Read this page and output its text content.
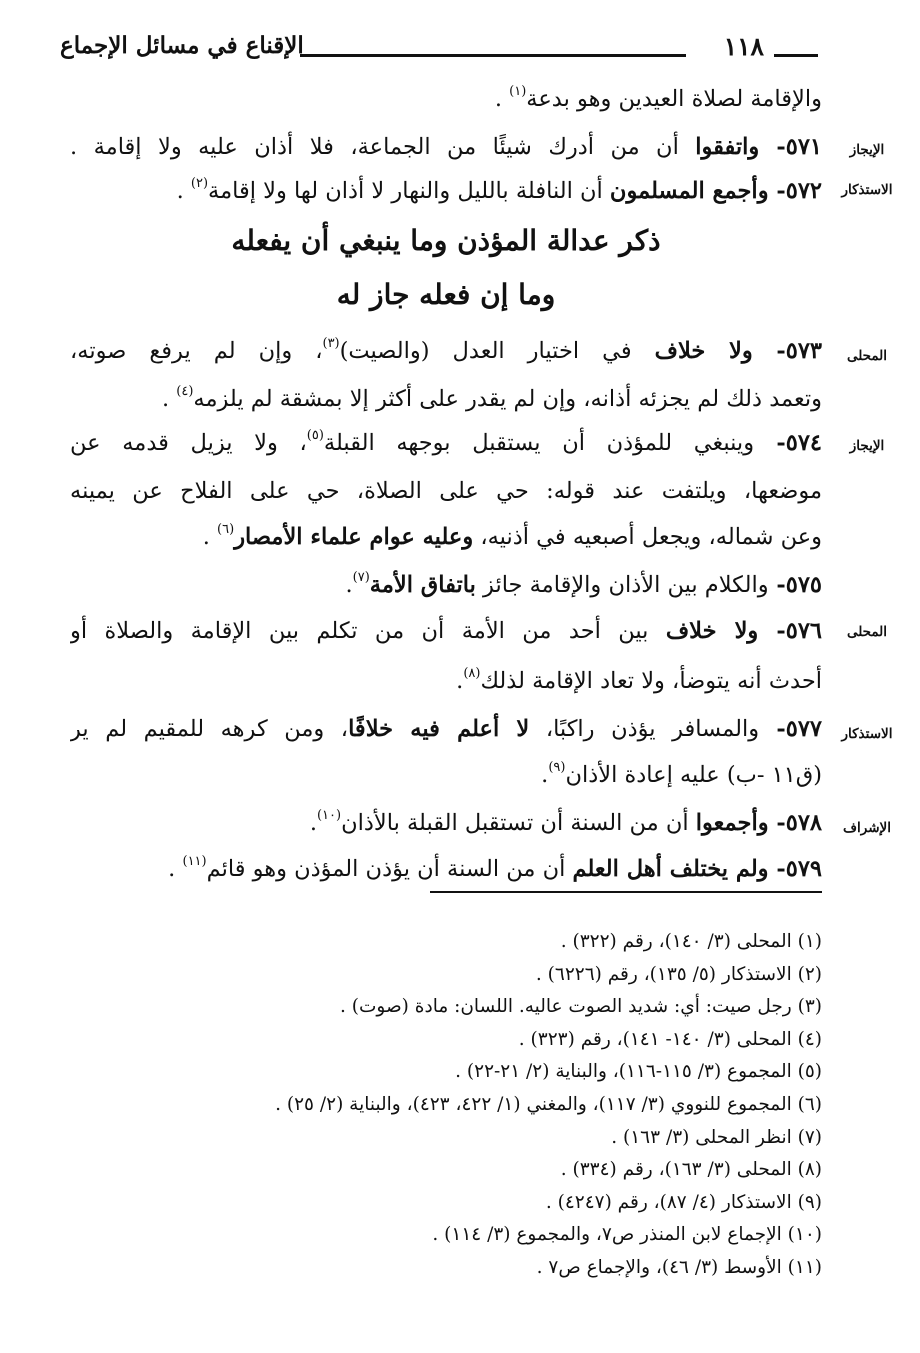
١١٨
الإقناع في مسائل الإجماع
والإقامة لصلاة العيدين وهو بدعة$^{(١)}$ .
٥٧١- واتفقوا أن من أدرك شيئًا من الجماعة، فلا أذان عليه ولا إقامة .	الإيجاز
٥٧٢- وأجمع المسلمون أن النافلة بالليل والنهار لا أذان لها ولا إقامة$^{(٢)}$ .	الاستذكار
ذكر عدالة المؤذن وما ينبغي أن يفعله
وما إن فعله جاز له
٥٧٣- ولا خلاف في اختيار العدل (والصيت)$^{(٣)}$، وإن لم يرفع صوته،	المحلى
وتعمد ذلك لم يجزئه أذانه، وإن لم يقدر على أكثر إلا بمشقة لم يلزمه$^{(٤)}$ .
٥٧٤- وينبغي للمؤذن أن يستقبل بوجهه القبلة$^{(٥)}$، ولا يزيل قدمه عن	الإيجاز
موضعها، ويلتفت عند قوله: حي على الصلاة، حي على الفلاح عن يمينه
وعن شماله، ويجعل أصبعيه في أذنيه، وعليه عوام علماء الأمصار$^{(٦)}$ .
٥٧٥- والكلام بين الأذان والإقامة جائز باتفاق الأمة$^{(٧)}$.
٥٧٦- ولا خلاف بين أحد من الأمة أن من تكلم بين الإقامة والصلاة أو	المحلى
أحدث أنه يتوضأ، ولا تعاد الإقامة لذلك$^{(٨)}$.
٥٧٧- والمسافر يؤذن راكبًا، لا أعلم فيه خلافًا، ومن كرهه للمقيم لم ير	الاستذكار
(ق١١ -ب) عليه إعادة الأذان$^{(٩)}$.
٥٧٨- وأجمعوا أن من السنة أن تستقبل القبلة بالأذان$^{(١٠)}$.	الإشراف
٥٧٩- ولم يختلف أهل العلم أن من السنة أن يؤذن المؤذن وهو قائم$^{(١١)}$ .
(١) المحلى (٣/ ١٤٠)، رقم (٣٢٢) .
(٢) الاستذكار (٥/ ١٣٥)، رقم (٦٢٢٦) .
(٣) رجل صيت: أي: شديد الصوت عاليه. اللسان: مادة (صوت) .
(٤) المحلى (٣/ ١٤٠- ١٤١)، رقم (٣٢٣) .
(٥) المجموع (٣/ ١١٥-١١٦)، والبناية (٢/ ٢١-٢٢) .
(٦) المجموع للنووي (٣/ ١١٧)، والمغني (١/ ٤٢٢، ٤٢٣)، والبناية (٢/ ٢٥) .
(٧) انظر المحلى (٣/ ١٦٣) .
(٨) المحلى (٣/ ١٦٣)، رقم (٣٣٤) .
(٩) الاستذكار (٤/ ٨٧)، رقم (٤٢٤٧) .
(١٠) الإجماع لابن المنذر ص٧، والمجموع (٣/ ١١٤) .
(١١) الأوسط (٣/ ٤٦)، والإجماع ص٧ .
